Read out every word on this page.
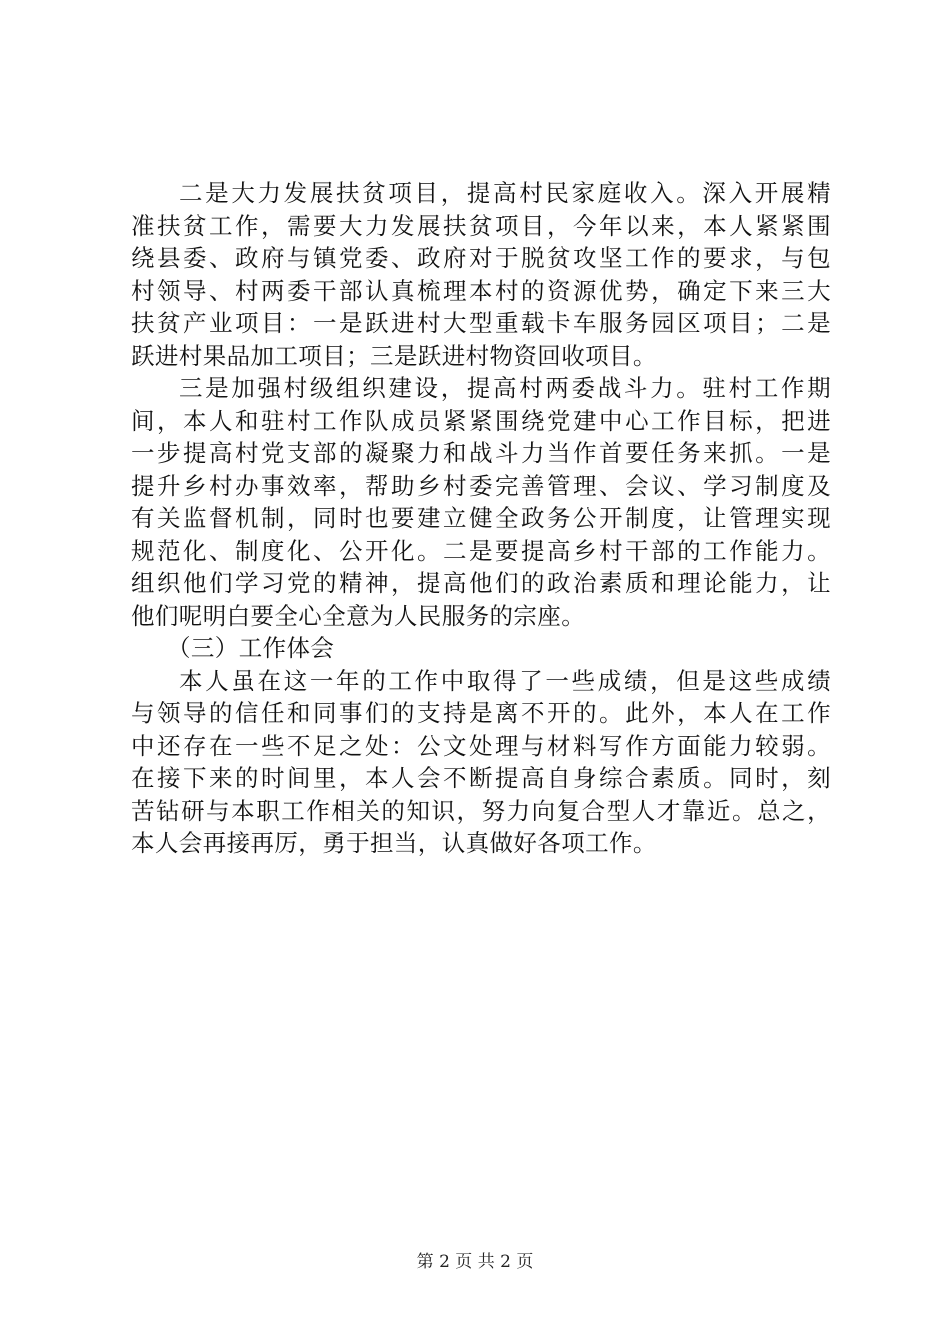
二是大力发展扶贫项目，提高村民家庭收入。深入开展精
准扶贫工作，需要大力发展扶贫项目，今年以来，本人紧紧围
绕县委、政府与镇党委、政府对于脱贫攻坚工作的要求，与包
村领导、村两委干部认真梳理本村的资源优势，确定下来三大
扶贫产业项目：一是跃进村大型重载卡车服务园区项目；二是
跃进村果品加工项目；三是跃进村物资回收项目。
三是加强村级组织建设，提高村两委战斗力。驻村工作期
间，本人和驻村工作队成员紧紧围绕党建中心工作目标，把进
一步提高村党支部的凝聚力和战斗力当作首要任务来抓。一是
提升乡村办事效率，帮助乡村委完善管理、会议、学习制度及
有关监督机制，同时也要建立健全政务公开制度，让管理实现
规范化、制度化、公开化。二是要提高乡村干部的工作能力。
组织他们学习党的精神，提高他们的政治素质和理论能力，让
他们呢明白要全心全意为人民服务的宗座。
（三）工作体会
本人虽在这一年的工作中取得了一些成绩，但是这些成绩
与领导的信任和同事们的支持是离不开的。此外，本人在工作
中还存在一些不足之处：公文处理与材料写作方面能力较弱。
在接下来的时间里，本人会不断提高自身综合素质。同时，刻
苦钻研与本职工作相关的知识，努力向复合型人才靠近。总之，
本人会再接再厉，勇于担当，认真做好各项工作。
第 2 页 共 2 页
